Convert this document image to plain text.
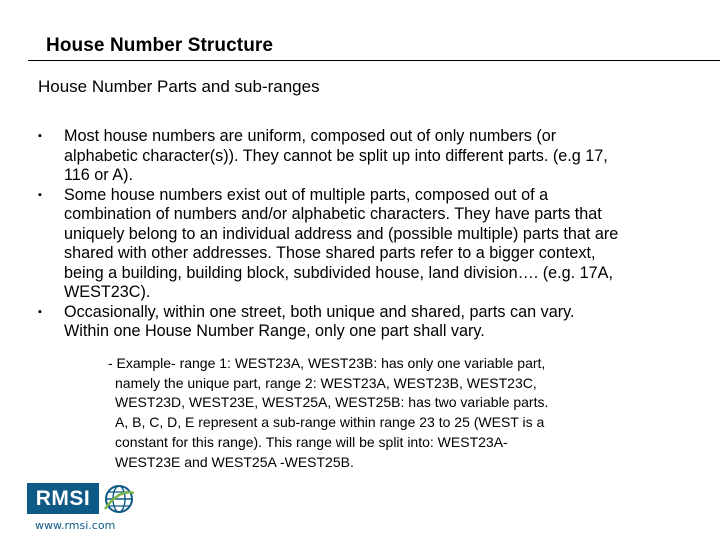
House Number Structure
House Number Parts and sub-ranges
▪ Most house numbers are uniform, composed out of only numbers (or
alphabetic character(s)). They cannot be split up into different parts. (e.g 17,
116 or A).
▪ Some house numbers exist out of multiple parts, composed out of a
combination of numbers and/or alphabetic characters. They have parts that
uniquely belong to an individual address and (possible multiple) parts that are
shared with other addresses. Those shared parts refer to a bigger context,
being a building, building block, subdivided house, land division…. (e.g. 17A,
WEST23C).
▪ Occasionally, within one street, both unique and shared, parts can vary.
Within one House Number Range, only one part shall vary.
- Example- range 1: WEST23A, WEST23B: has only one variable part,
namely the unique part, range 2: WEST23A, WEST23B, WEST23C,
WEST23D, WEST23E, WEST25A, WEST25B: has two variable parts.
A, B, C, D, E represent a sub-range within range 23 to 25 (WEST is a
constant for this range). This range will be split into: WEST23A-
WEST23E and WEST25A -WEST25B.
RMSI
www.rmsi.com
